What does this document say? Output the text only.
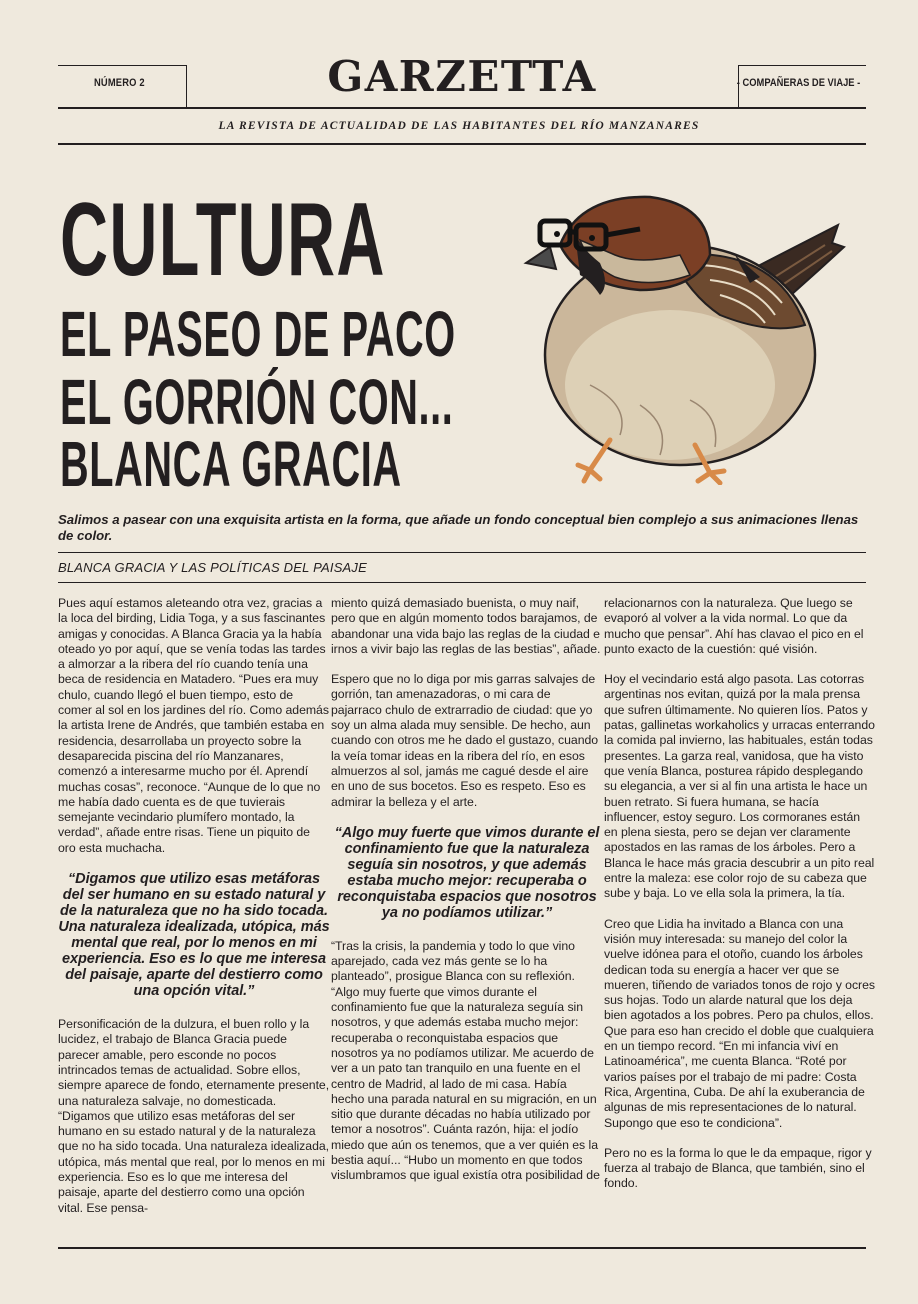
NÚMERO 2	GARZETTA	- COMPAÑERAS DE VIAJE -
LA REVISTA DE ACTUALIDAD DE LAS HABITANTES DEL RÍO MANZANARES
CULTURA
EL PASEO DE PACO
EL GORRIÓN CON...
BLANCA GRACIA
Salimos a pasear con una exquisita artista en la forma, que añade un fondo conceptual bien complejo a sus animaciones llenas de color.
BLANCA GRACIA Y LAS POLÍTICAS DEL PAISAJE

Pues aquí estamos aleteando otra vez, gracias a la loca del birding, Lidia Toga, y a sus fascinantes amigas y conocidas. A Blanca Gracia ya la había oteado yo por aquí, que se venía todas las tardes a almorzar a la ribera del río cuando tenía una beca de residencia en Matadero. “Pues era muy chulo, cuando llegó el buen tiempo, esto de comer al sol en los jardines del río. Como además la artista Irene de Andrés, que también estaba en residencia, desarrollaba un proyecto sobre la desaparecida piscina del río Manzanares, comenzó a interesarme mucho por él. Aprendí muchas cosas”, reconoce. “Aunque de lo que no me había dado cuenta es de que tuvierais semejante vecindario plumífero montado, la verdad”, añade entre risas. Tiene un piquito de oro esta muchacha.

“Digamos que utilizo esas metáforas del ser humano en su estado natural y de la naturaleza que no ha sido tocada. Una naturaleza idealizada, utópica, más mental que real, por lo menos en mi experiencia. Eso es lo que me interesa del paisaje, aparte del destierro como una opción vital.”

Personificación de la dulzura, el buen rollo y la lucidez, el trabajo de Blanca Gracia puede parecer amable, pero esconde no pocos intrincados temas de actualidad. Sobre ellos, siempre aparece de fondo, eternamente presente, una naturaleza salvaje, no domesticada. “Digamos que utilizo esas metáforas del ser humano en su estado natural y de la naturaleza que no ha sido tocada. Una naturaleza idealizada, utópica, más mental que real, por lo menos en mi experiencia. Eso es lo que me interesa del paisaje, aparte del destierro como una opción vital. Ese pensa-

miento quizá demasiado buenista, o muy naif, pero que en algún momento todos barajamos, de abandonar una vida bajo las reglas de la ciudad e irnos a vivir bajo las reglas de las bestias”, añade.

Espero que no lo diga por mis garras salvajes de gorrión, tan amenazadoras, o mi cara de pajarraco chulo de extrarradio de ciudad: que yo soy un alma alada muy sensible. De hecho, aun cuando con otros me he dado el gustazo, cuando la veía tomar ideas en la ribera del río, en esos almuerzos al sol, jamás me cagué desde el aire en uno de sus bocetos. Eso es respeto. Eso es admirar la belleza y el arte.

“Algo muy fuerte que vimos durante el confinamiento fue que la naturaleza seguía sin nosotros, y que además estaba mucho mejor: recuperaba o reconquistaba espacios que nosotros ya no podíamos utilizar.”

“Tras la crisis, la pandemia y todo lo que vino aparejado, cada vez más gente se lo ha planteado”, prosigue Blanca con su reflexión. “Algo muy fuerte que vimos durante el confinamiento fue que la naturaleza seguía sin nosotros, y que además estaba mucho mejor: recuperaba o reconquistaba espacios que nosotros ya no podíamos utilizar. Me acuerdo de ver a un pato tan tranquilo en una fuente en el centro de Madrid, al lado de mi casa. Había hecho una parada natural en su migración, en un sitio que durante décadas no había utilizado por temor a nosotros”. Cuánta razón, hija: el jodío miedo que aún os tenemos, que a ver quién es la bestia aquí... “Hubo un momento en que todos vislumbramos que igual existía otra posibilidad de

relacionarnos con la naturaleza. Que luego se evaporó al volver a la vida normal. Lo que da mucho que pensar”. Ahí has clavao el pico en el punto exacto de la cuestión: qué visión.

Hoy el vecindario está algo pasota. Las cotorras argentinas nos evitan, quizá por la mala prensa que sufren últimamente. No quieren líos. Patos y patas, gallinetas workaholics y urracas enterrando la comida pal invierno, las habituales, están todas presentes. La garza real, vanidosa, que ha visto que venía Blanca, posturea rápido desplegando su elegancia, a ver si al fin una artista le hace un buen retrato. Si fuera humana, se hacía influencer, estoy seguro. Los cormoranes están en plena siesta, pero se dejan ver claramente apostados en las ramas de los árboles. Pero a Blanca le hace más gracia descubrir a un pito real entre la maleza: ese color rojo de su cabeza que sube y baja. Lo ve ella sola la primera, la tía.

Creo que Lidia ha invitado a Blanca con una visión muy interesada: su manejo del color la vuelve idónea para el otoño, cuando los árboles dedican toda su energía a hacer ver que se mueren, tiñendo de variados tonos de rojo y ocres sus hojas. Todo un alarde natural que los deja bien agotados a los pobres. Pero pa chulos, ellos. Que para eso han crecido el doble que cualquiera en un tiempo record. “En mi infancia viví en Latinoamérica”, me cuenta Blanca. “Roté por varios países por el trabajo de mi padre: Costa Rica, Argentina, Cuba. De ahí la exuberancia de algunas de mis representaciones de lo natural. Supongo que eso te condiciona”.

Pero no es la forma lo que le da empaque, rigor y fuerza al trabajo de Blanca, que también, sino el fondo.
